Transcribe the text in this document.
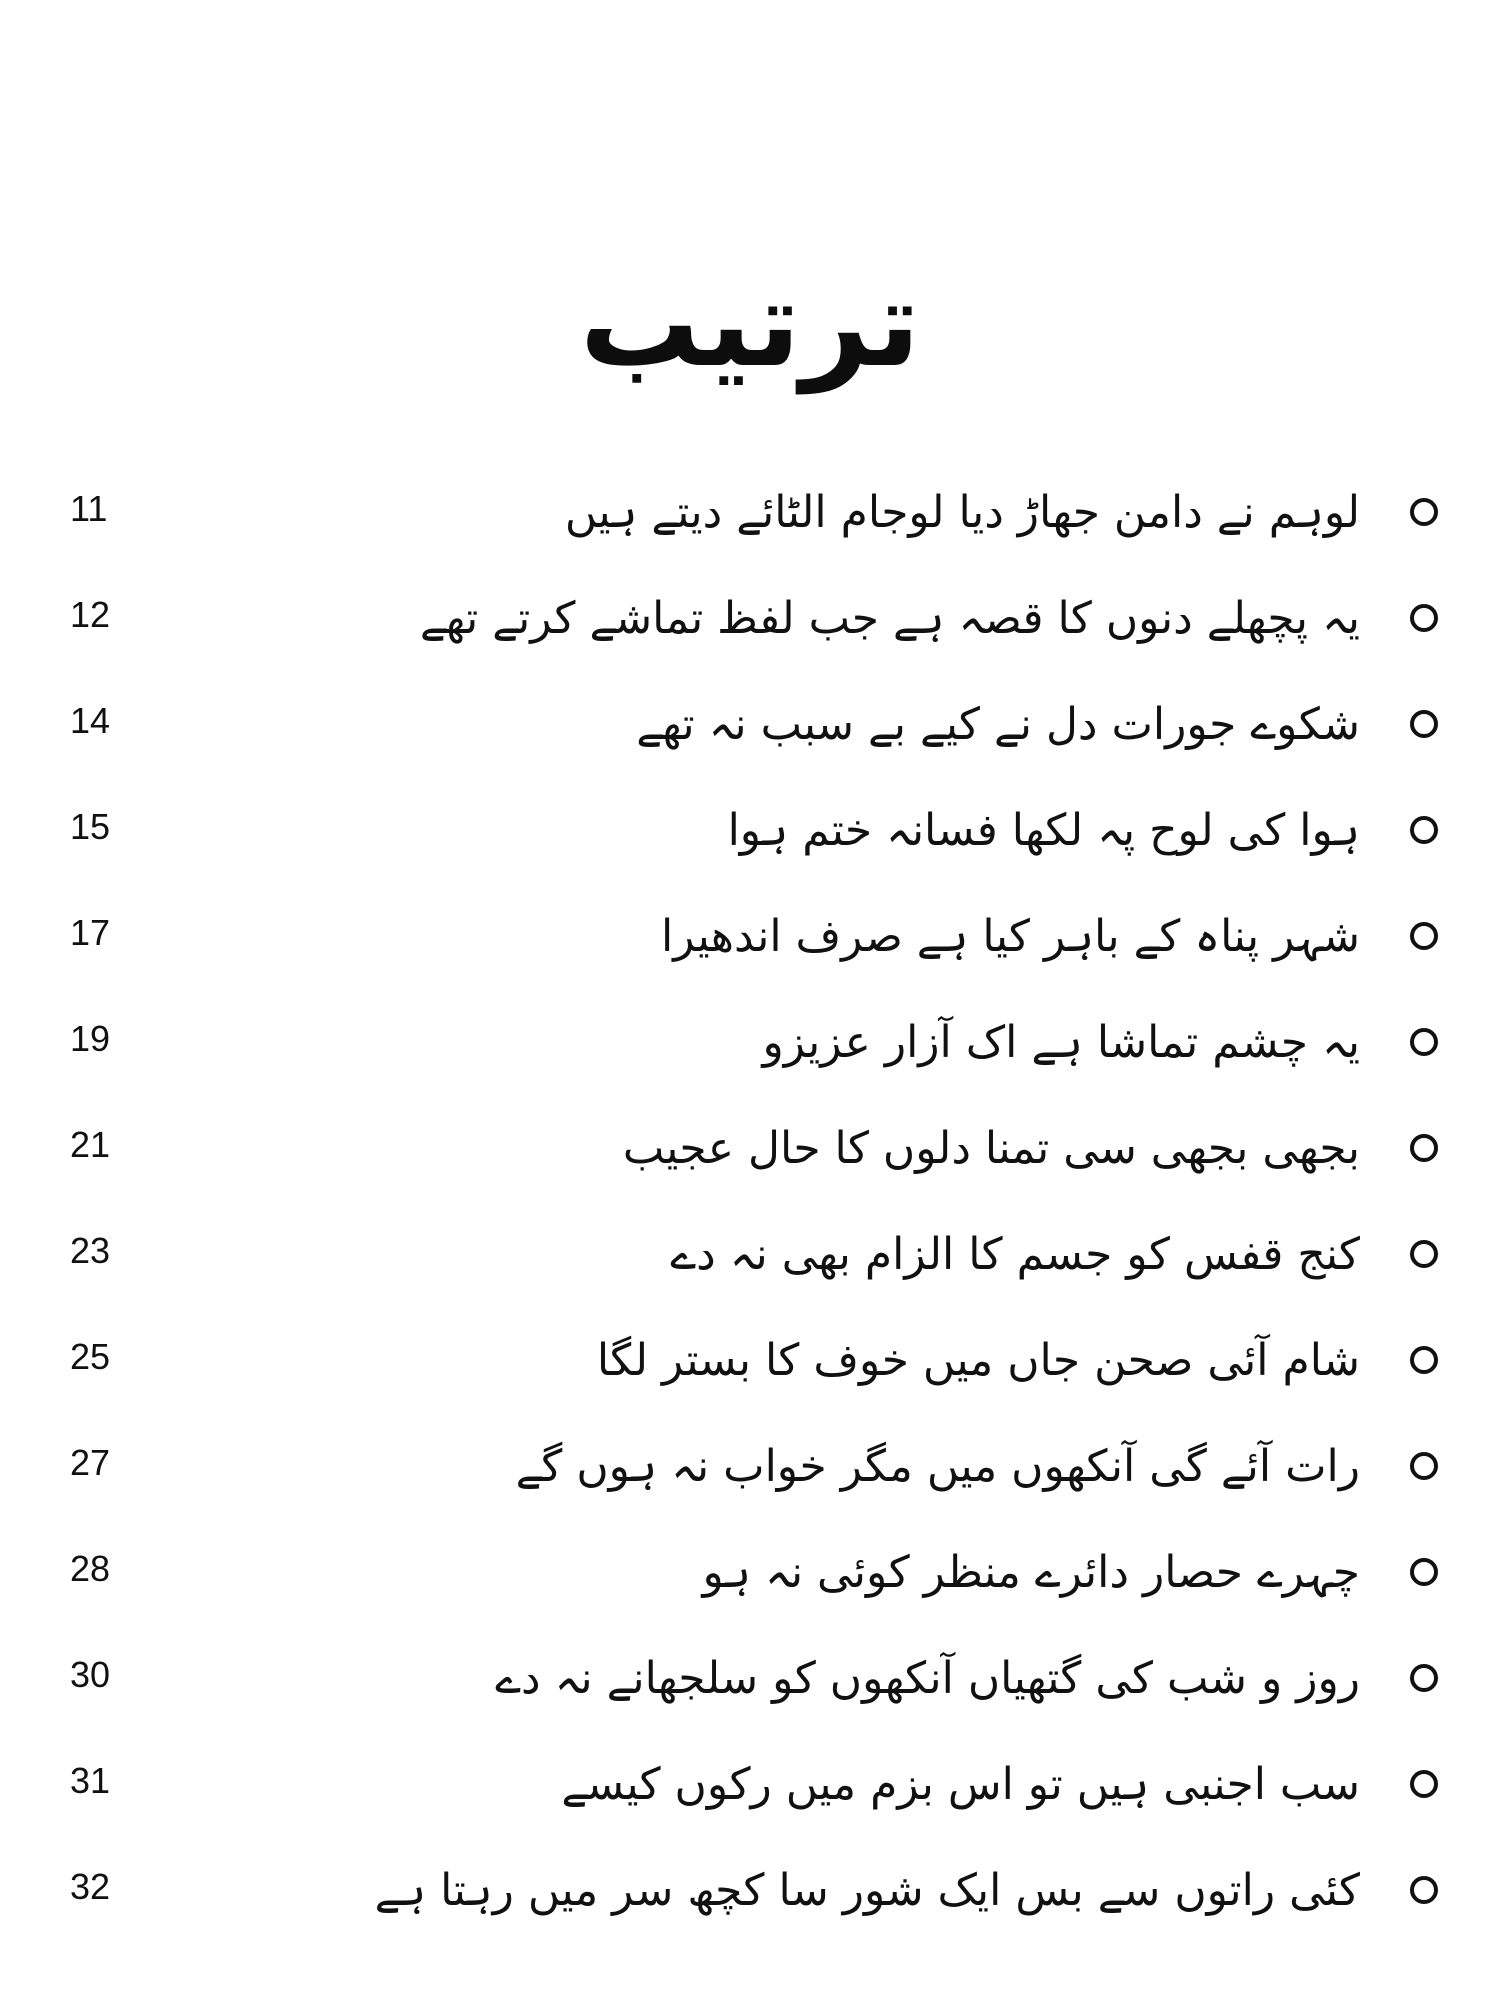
ترتیب
لوہم نے دامن جھاڑ دیا لوجام الٹائے دیتے ہیں
11
یہ پچھلے دنوں کا قصہ ہے جب لفظ تماشے کرتے تھے
12
شکوے جورات دل نے کیے بے سبب نہ تھے
14
ہوا کی لوح پہ لکھا فسانہ ختم ہوا
15
شہر پناہ کے باہر کیا ہے صرف اندھیرا
17
یہ چشم تماشا ہے اک آزار عزیزو
19
بجھی بجھی سی تمنا دلوں کا حال عجیب
21
کنج قفس کو جسم کا الزام بھی نہ دے
23
شام آئی صحن جاں میں خوف کا بستر لگا
25
رات آئے گی آنکھوں میں مگر خواب نہ ہوں گے
27
چہرے حصار دائرے منظر کوئی نہ ہو
28
روز و شب کی گتھیاں آنکھوں کو سلجھانے نہ دے
30
سب اجنبی ہیں تو اس بزم میں رکوں کیسے
31
کئی راتوں سے بس ایک شور سا کچھ سر میں رہتا ہے
32
